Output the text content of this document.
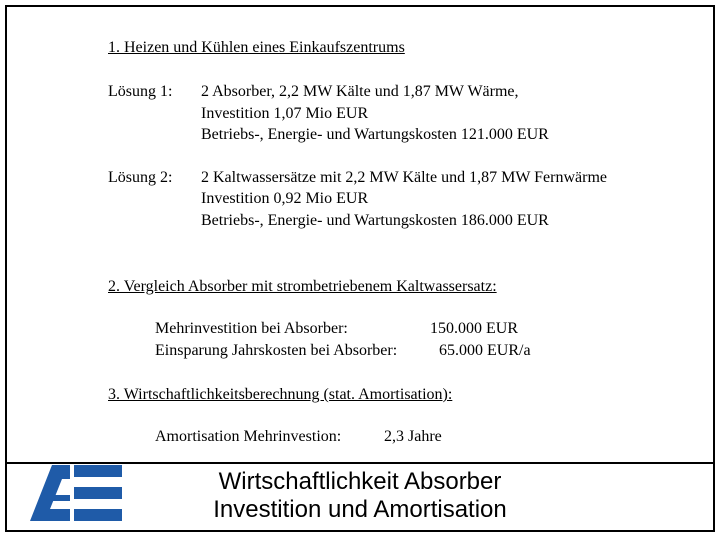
1. Heizen und Kühlen eines Einkaufszentrums
Lösung 1: 2 Absorber, 2,2 MW Kälte und 1,87 MW Wärme,
Investition 1,07 Mio EUR
Betriebs-, Energie- und Wartungskosten 121.000 EUR
Lösung 2: 2 Kaltwassersätze mit 2,2 MW Kälte und 1,87 MW Fernwärme
Investition 0,92 Mio EUR
Betriebs-, Energie- und Wartungskosten 186.000 EUR
2. Vergleich Absorber mit strombetriebenem Kaltwassersatz:
Mehrinvestition bei Absorber:	150.000 EUR
Einsparung Jahrskosten bei Absorber:	65.000 EUR/a
3. Wirtschaftlichkeitsberechnung (stat. Amortisation):
Amortisation Mehrinvestion:	2,3 Jahre
Wirtschaftlichkeit Absorber
Investition und Amortisation
